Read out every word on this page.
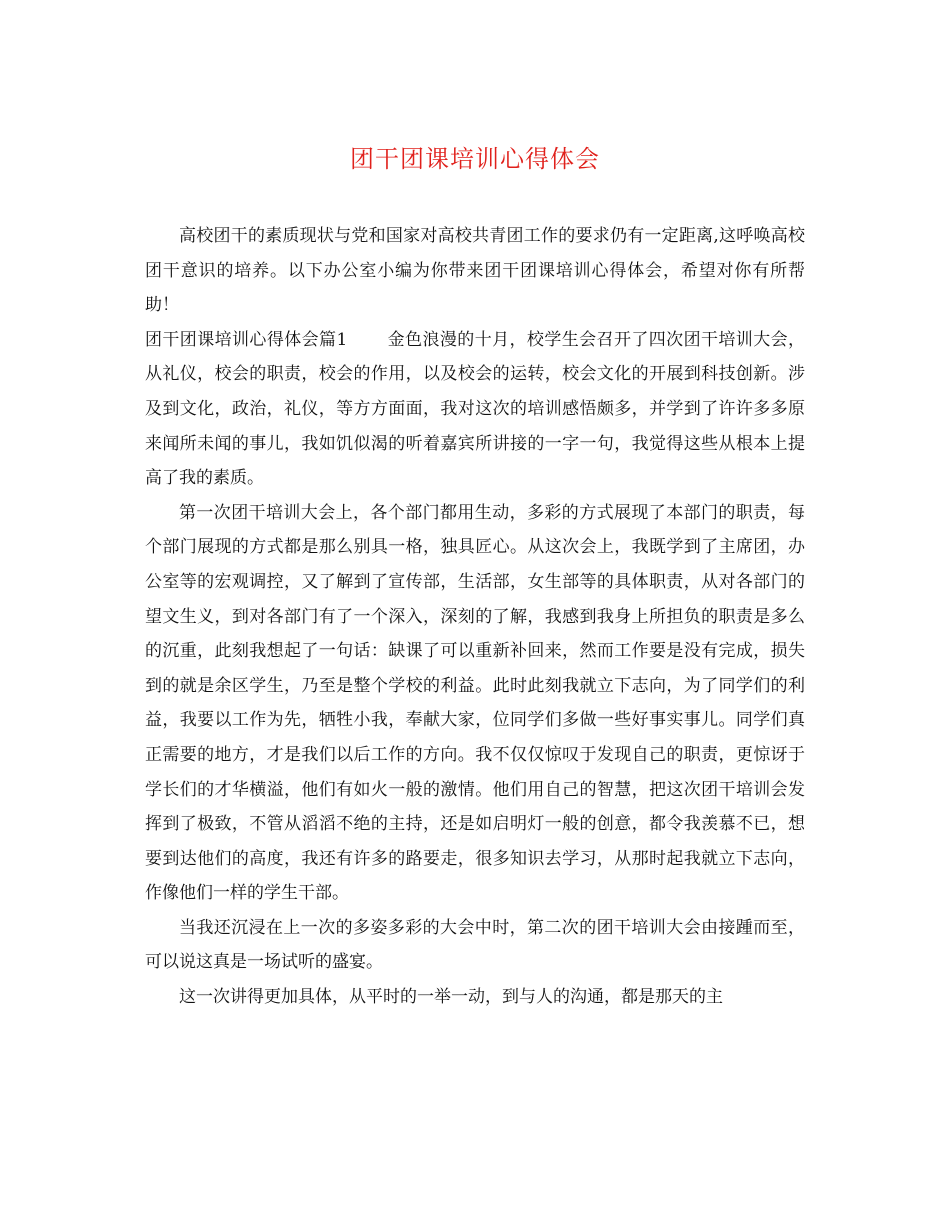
团干团课培训心得体会

高校团干的素质现状与党和国家对高校共青团工作的要求仍有一定距离,这呼唤高校团干意识的培养。以下办公室小编为你带来团干团课培训心得体会，希望对你有所帮助！

团干团课培训心得体会篇1 金色浪漫的十月，校学生会召开了四次团干培训大会，从礼仪，校会的职责，校会的作用，以及校会的运转，校会文化的开展到科技创新。涉及到文化，政治，礼仪，等方方面面，我对这次的培训感悟颇多，并学到了许许多多原来闻所未闻的事儿，我如饥似渴的听着嘉宾所讲接的一字一句，我觉得这些从根本上提高了我的素质。

第一次团干培训大会上，各个部门都用生动，多彩的方式展现了本部门的职责，每个部门展现的方式都是那么别具一格，独具匠心。从这次会上，我既学到了主席团，办公室等的宏观调控，又了解到了宣传部，生活部，女生部等的具体职责，从对各部门的望文生义，到对各部门有了一个深入，深刻的了解，我感到我身上所担负的职责是多么的沉重，此刻我想起了一句话：缺课了可以重新补回来，然而工作要是没有完成，损失到的就是余区学生，乃至是整个学校的利益。此时此刻我就立下志向，为了同学们的利益，我要以工作为先，牺牲小我，奉献大家，位同学们多做一些好事实事儿。同学们真正需要的地方，才是我们以后工作的方向。我不仅仅惊叹于发现自己的职责，更惊讶于学长们的才华横溢，他们有如火一般的激情。他们用自己的智慧，把这次团干培训会发挥到了极致，不管从滔滔不绝的主持，还是如启明灯一般的创意，都令我羡慕不已，想要到达他们的高度，我还有许多的路要走，很多知识去学习，从那时起我就立下志向，作像他们一样的学生干部。

当我还沉浸在上一次的多姿多彩的大会中时，第二次的团干培训大会由接踵而至，可以说这真是一场试听的盛宴。

这一次讲得更加具体，从平时的一举一动，到与人的沟通，都是那天的主
